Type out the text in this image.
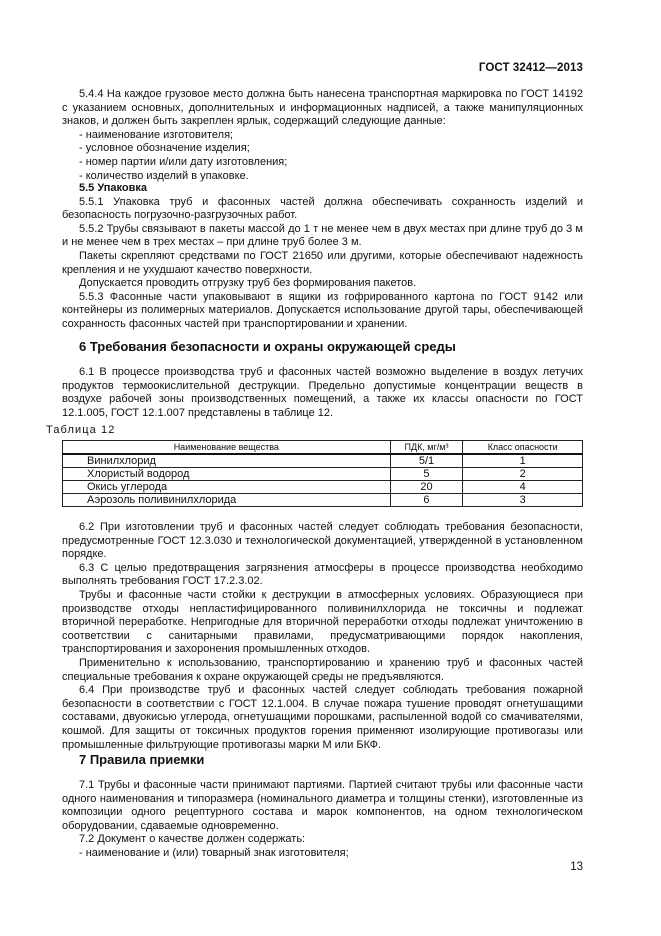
ГОСТ 32412—2013

5.4.4 На каждое грузовое место должна быть нанесена транспортная маркировка по ГОСТ 14192 с указанием основных, дополнительных и информационных надписей, а также манипуляционных знаков, и должен быть закреплен ярлык, содержащий следующие данные:

- наименование изготовителя;

- условное обозначение изделия;

- номер партии и/или дату изготовления;

- количество изделий в упаковке.

5.5 Упаковка

5.5.1 Упаковка труб и фасонных частей должна обеспечивать сохранность изделий и безопасность погрузочно-разгрузочных работ.

5.5.2 Трубы связывают в пакеты массой до 1 т не менее чем в двух местах при длине труб до 3 м и не менее чем в трех местах – при длине труб более 3 м.

Пакеты скрепляют средствами по ГОСТ 21650 или другими, которые обеспечивают надежность крепления и не ухудшают качество поверхности.

Допускается проводить отгрузку труб без формирования пакетов.

5.5.3 Фасонные части упаковывают в ящики из гофрированного картона по ГОСТ 9142 или контейнеры из полимерных материалов. Допускается использование другой тары, обеспечивающей сохранность фасонных частей при транспортировании и хранении.

6 Требования безопасности и охраны окружающей среды

6.1 В процессе производства труб и фасонных частей возможно выделение в воздух летучих продуктов термоокислительной деструкции. Предельно допустимые концентрации веществ в воздухе рабочей зоны производственных помещений, а также их классы опасности по ГОСТ 12.1.005, ГОСТ 12.1.007 представлены в таблице 12.

Таблица 12
Наименование вещества	ПДК, мг/м³	Класс опасности
Винилхлорид	5/1	1
Хлористый водород	5	2
Окись углерода	20	4
Аэрозоль поливинилхлорида	6	3

6.2 При изготовлении труб и фасонных частей следует соблюдать требования безопасности, предусмотренные ГОСТ 12.3.030 и технологической документацией, утвержденной в установленном порядке.

6.3 С целью предотвращения загрязнения атмосферы в процессе производства необходимо выполнять требования ГОСТ 17.2.3.02.

Трубы и фасонные части стойки к деструкции в атмосферных условиях. Образующиеся при производстве отходы непластифицированного поливинилхлорида не токсичны и подлежат вторичной переработке. Непригодные для вторичной переработки отходы подлежат уничтожению в соответствии с санитарными правилами, предусматривающими порядок накопления, транспортирования и захоронения промышленных отходов.

Применительно к использованию, транспортированию и хранению труб и фасонных частей специальные требования к охране окружающей среды не предъявляются.

6.4 При производстве труб и фасонных частей следует соблюдать требования пожарной безопасности в соответствии с ГОСТ 12.1.004. В случае пожара тушение проводят огнетушащими составами, двуокисью углерода, огнетушащими порошками, распыленной водой со смачивателями, кошмой. Для защиты от токсичных продуктов горения применяют изолирующие противогазы или промышленные фильтрующие противогазы марки М или БКФ.

7 Правила приемки

7.1 Трубы и фасонные части принимают партиями. Партией считают трубы или фасонные части одного наименования и типоразмера (номинального диаметра и толщины стенки), изготовленные из композиции одного рецептурного состава и марок компонентов, на одном технологическом оборудовании, сдаваемые одновременно.

7.2 Документ о качестве должен содержать:

- наименование и (или) товарный знак изготовителя;

13
